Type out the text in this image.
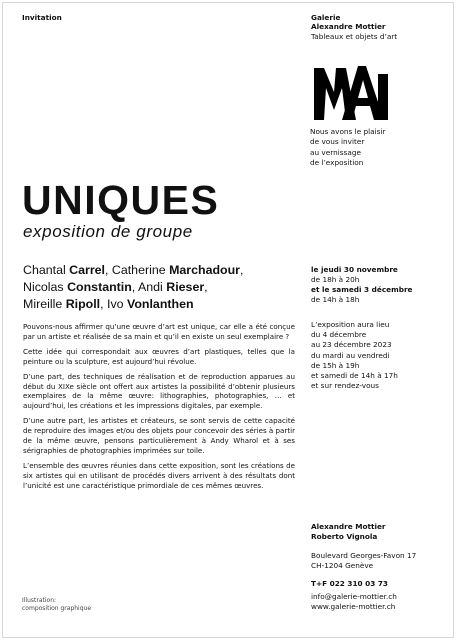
Invitation	Galerie
Alexandre Mottier
Tableaux et objets d’art
Nous avons le plaisir
de vous inviter
au vernissage
de l’exposition
UNIQUES
exposition de groupe
Chantal Carrel, Catherine Marchadour,
Nicolas Constantin, Andi Rieser,
Mireille Ripoll, Ivo Vonlanthen

Pouvons-nous affirmer qu’une œuvre d’art est unique, car elle a été conçue par un artiste et réalisée de sa main et qu’il en existe un seul exemplaire ?

Cette idée qui correspondait aux œuvres d’art plastiques, telles que la peinture ou la sculpture, est aujourd’hui révolue.

D’une part, des techniques de réalisation et de reproduction apparues au début du XIXe siècle ont offert aux artistes la possibilité d’obtenir plusieurs exemplaires de la même œuvre: lithographies, photographies, … et aujourd’hui, les créations et les impressions digitales, par exemple.

D’une autre part, les artistes et créateurs, se sont servis de cette capacité de reproduire des images et/ou des objets pour concevoir des séries à partir de la même œuvre, pensons particulièrement à Andy Wharol et à ses sérigraphies de photographies imprimées sur toile.

L’ensemble des œuvres réunies dans cette exposition, sont les créations de six artistes qui en utilisant de procédés divers arrivent à des résultats dont l’unicité est une caractéristique primordiale de ces mêmes œuvres.

le jeudi 30 novembre
de 18h à 20h
et le samedi 3 décembre
de 14h à 18h
L’exposition aura lieu
du 4 décembre
au 23 décembre 2023
du mardi au vendredi
de 15h à 19h
et samedi de 14h à 17h
et sur rendez-vous
Alexandre Mottier
Roberto Vignola
Boulevard Georges-Favon 17
CH-1204 Genève
T+F 022 310 03 73
info@galerie-mottier.ch
www.galerie-mottier.ch
Illustration:
composition graphique
